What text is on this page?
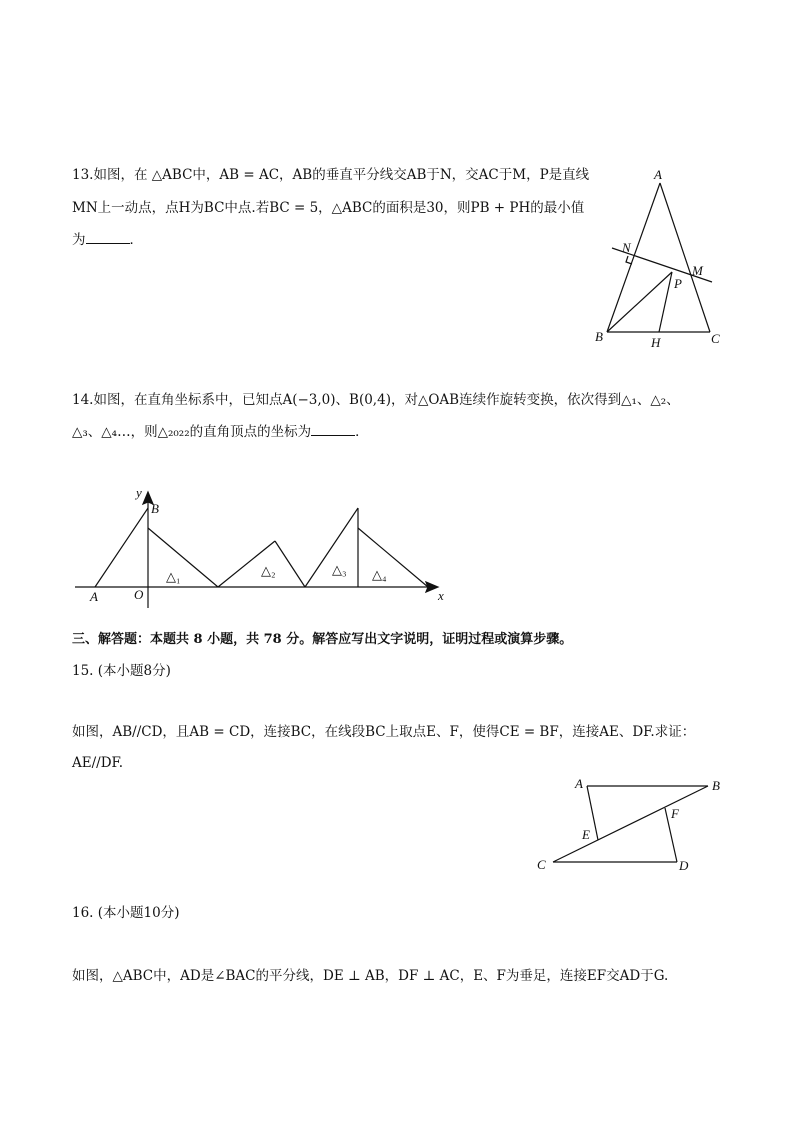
13.如图，在 △ABC中，AB = AC，AB的垂直平分线交AB于N，交AC于M，P是直线
MN上一动点，点H为BC中点.若BC = 5，△ABC的面积是30，则PB + PH的最小值
为	．
A
N
M
P
B	H	C
14.如图，在直角坐标系中，已知点A(−3,0)、B(0,4)，对△OAB连续作旋转变换，依次得到△₁、△₂、
△₃、△₄…，则△₂₀₂₂的直角顶点的坐标为	．
y
B
A	O	x
△₁	△₂	△₃ △₄
三、解答题：本题共 8 小题，共 78 分。解答应写出文字说明，证明过程或演算步骤。
15. (本小题8分)
如图，AB//CD，且AB = CD，连接BC，在线段BC上取点E、F，使得CE = BF，连接AE、DF.求证：
AE//DF.
A	B
F
E
C	D
16. (本小题10分)
如图，△ABC中，AD是∠BAC的平分线，DE ⊥ AB，DF ⊥ AC，E、F为垂足，连接EF交AD于G.
